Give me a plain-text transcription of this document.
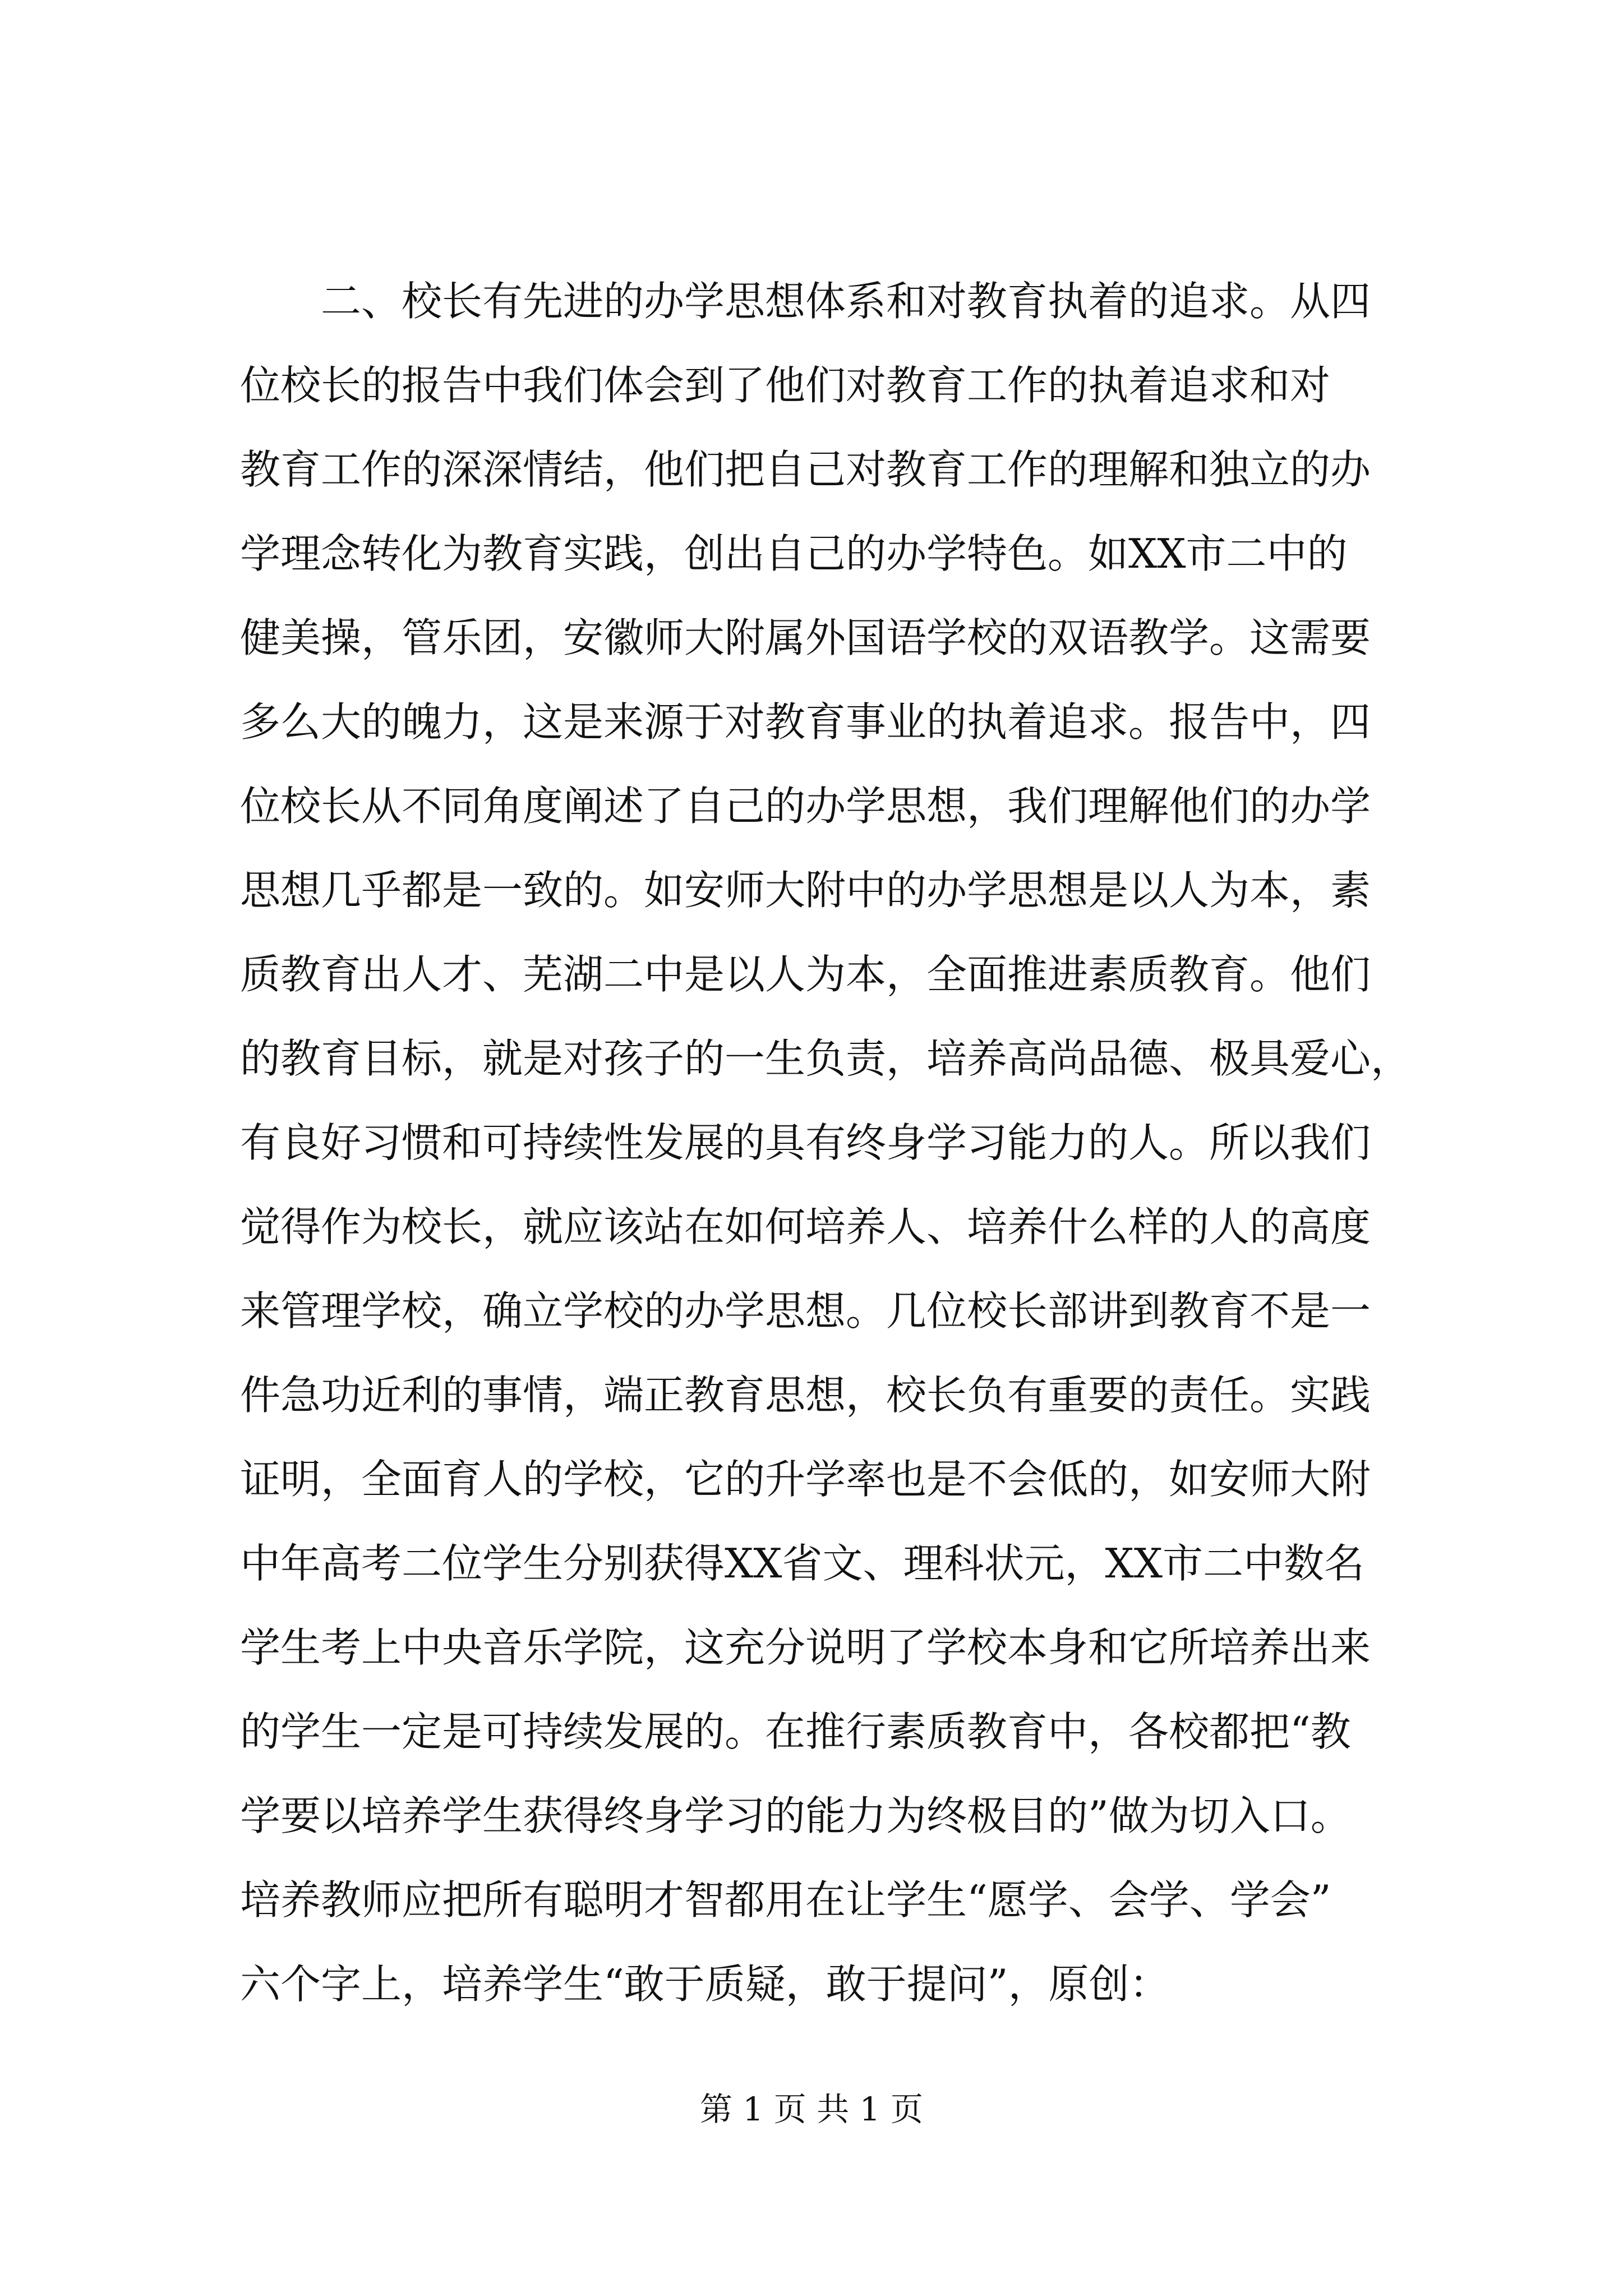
　　二、校长有先进的办学思想体系和对教育执着的追求。从四
位校长的报告中我们体会到了他们对教育工作的执着追求和对
教育工作的深深情结，他们把自己对教育工作的理解和独立的办
学理念转化为教育实践，创出自己的办学特色。如XX市二中的
健美操，管乐团，安徽师大附属外国语学校的双语教学。这需要
多么大的魄力，这是来源于对教育事业的执着追求。报告中，四
位校长从不同角度阐述了自己的办学思想，我们理解他们的办学
思想几乎都是一致的。如安师大附中的办学思想是以人为本，素
质教育出人才、芜湖二中是以人为本，全面推进素质教育。他们
的教育目标，就是对孩子的一生负责，培养高尚品德、极具爱心，
有良好习惯和可持续性发展的具有终身学习能力的人。所以我们
觉得作为校长，就应该站在如何培养人、培养什么样的人的高度
来管理学校，确立学校的办学思想。几位校长部讲到教育不是一
件急功近利的事情，端正教育思想，校长负有重要的责任。实践
证明，全面育人的学校，它的升学率也是不会低的，如安师大附
中年高考二位学生分别获得XX省文、理科状元，XX市二中数名
学生考上中央音乐学院，这充分说明了学校本身和它所培养出来
的学生一定是可持续发展的。在推行素质教育中，各校都把“教
学要以培养学生获得终身学习的能力为终极目的”做为切入口。
培养教师应把所有聪明才智都用在让学生“愿学、会学、学会”
六个字上，培养学生“敢于质疑，敢于提问”，原创：
第 1 页 共 1 页
